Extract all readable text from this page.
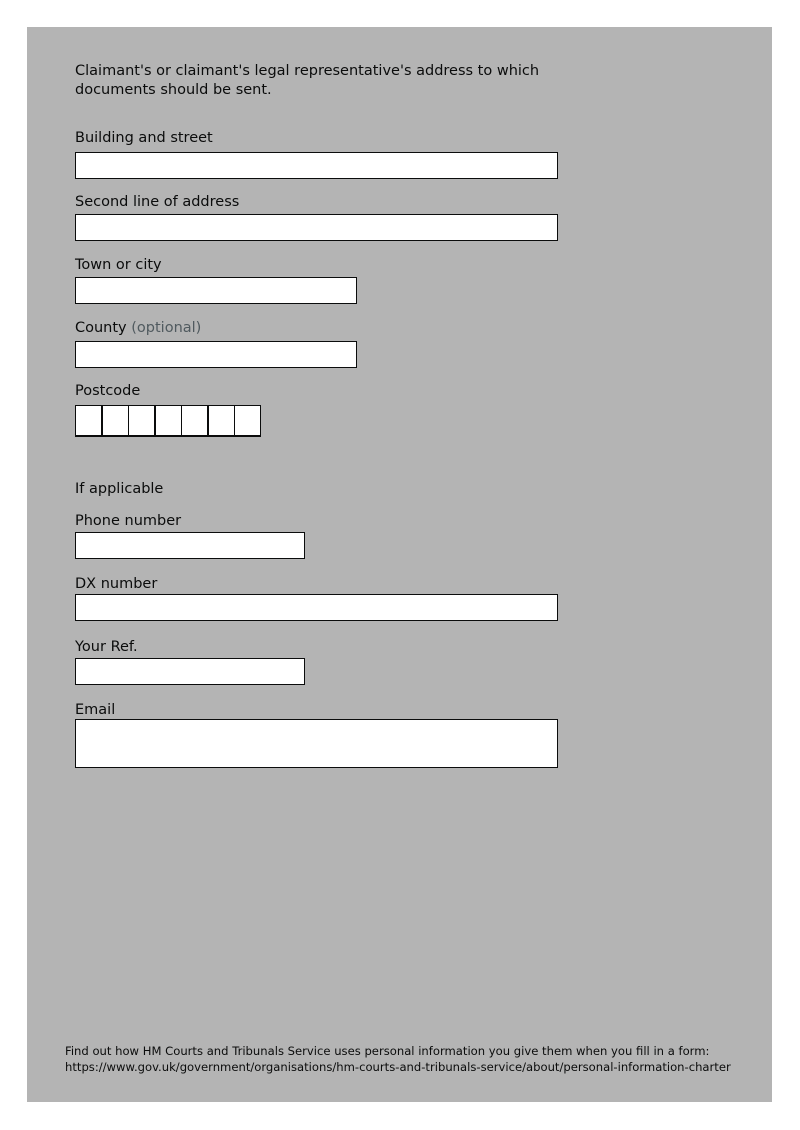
Claimant's or claimant's legal representative's address to which documents should be sent.

Building and street

Second line of address

Town or city

County (optional)

Postcode

If applicable

Phone number

DX number

Your Ref.

Email

Find out how HM Courts and Tribunals Service uses personal information you give them when you fill in a form:
https://www.gov.uk/government/organisations/hm-courts-and-tribunals-service/about/personal-information-charter
